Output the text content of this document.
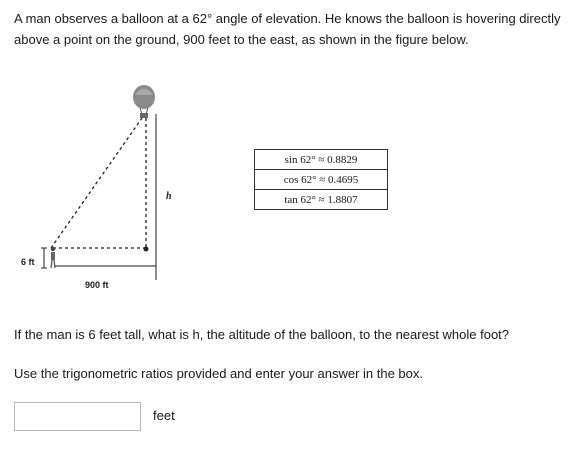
A man observes a balloon at a 62° angle of elevation. He knows the balloon is hovering directly above a point on the ground, 900 feet to the east, as shown in the figure below.

h
6 ft
900 ft
sin 62° ≈ 0.8829
cos 62° ≈ 0.4695
tan 62° ≈ 1.8807

If the man is 6 feet tall, what is h, the altitude of the balloon, to the nearest whole foot?

Use the trigonometric ratios provided and enter your answer in the box.

feet
